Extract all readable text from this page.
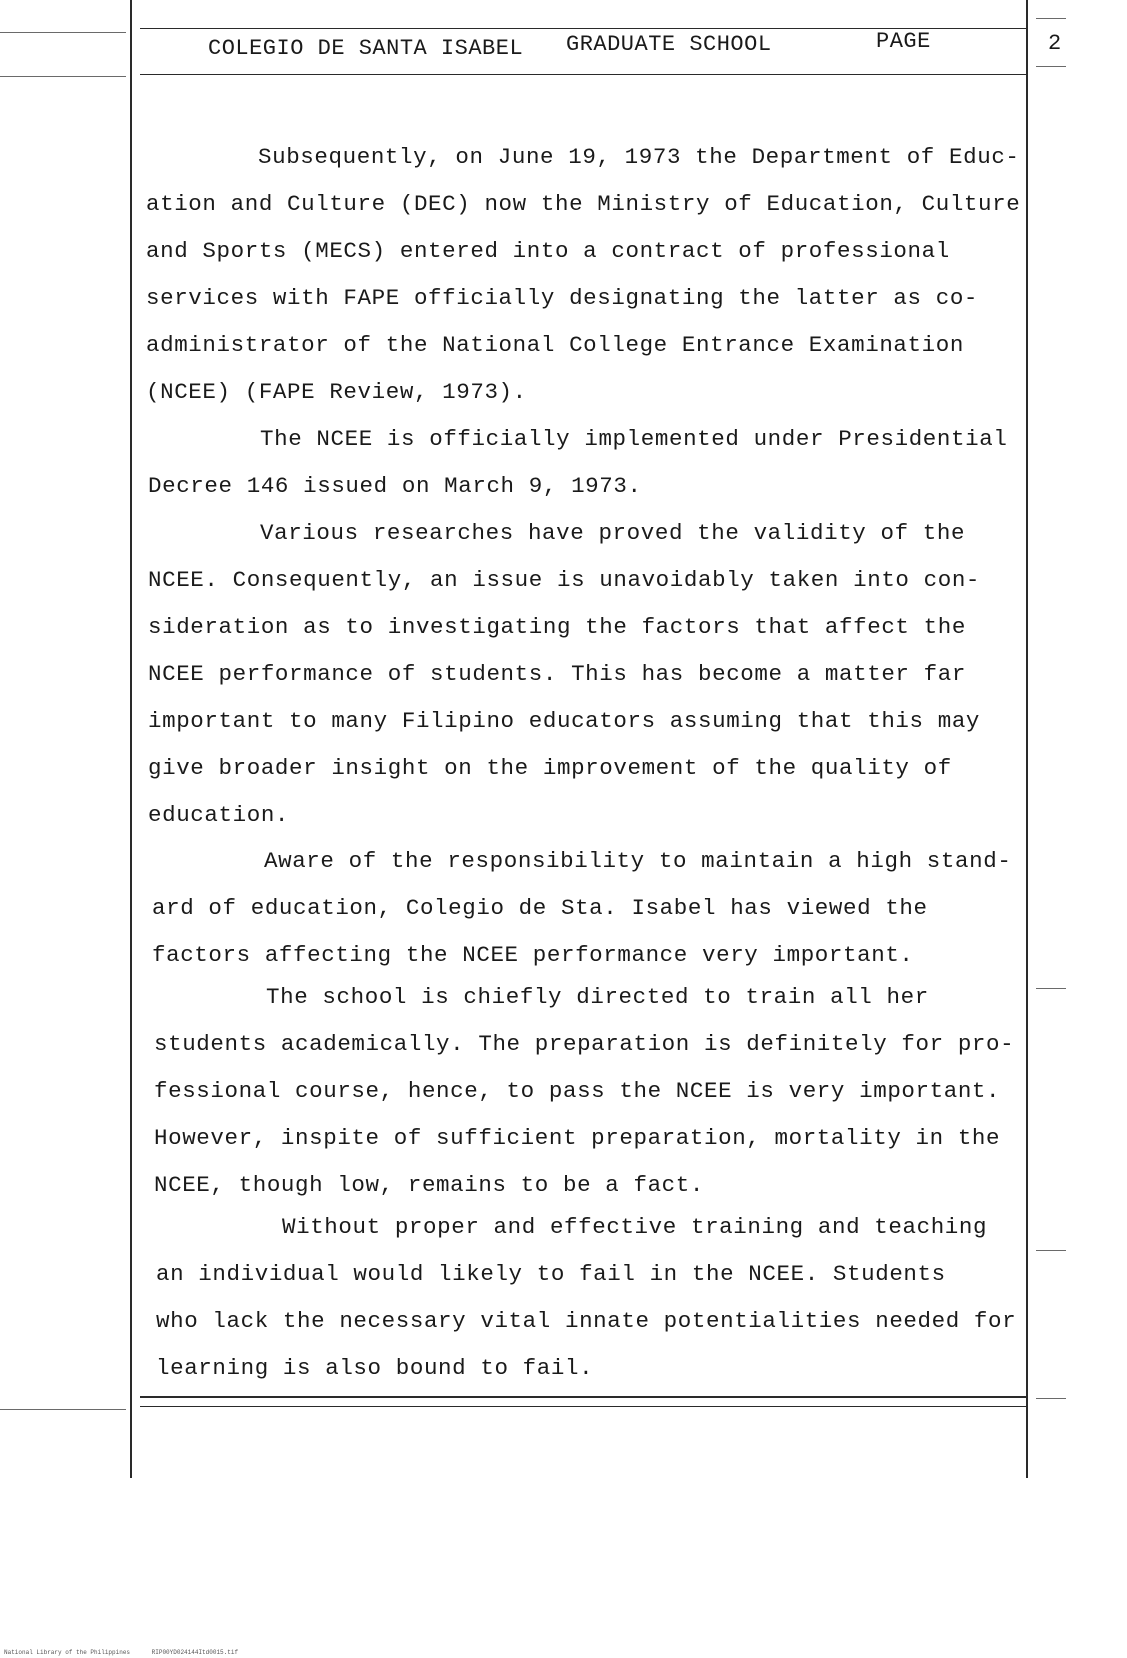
COLEGIO DE SANTA ISABEL GRADUATE SCHOOL	PAGE	2
Subsequently, on June 19, 1973 the Department of Educ-
ation and Culture (DEC) now the Ministry of Education, Culture
and Sports (MECS) entered into a contract of professional
services with FAPE officially designating the latter as co-
administrator of the National College Entrance Examination
(NCEE) (FAPE Review, 1973).
The NCEE is officially implemented under Presidential
Decree 146 issued on March 9, 1973.
Various researches have proved the validity of the
NCEE. Consequently, an issue is unavoidably taken into con-
sideration as to investigating the factors that affect the
NCEE performance of students. This has become a matter far
important to many Filipino educators assuming that this may
give broader insight on the improvement of the quality of
education.
Aware of the responsibility to maintain a high stand-
ard of education, Colegio de Sta. Isabel has viewed the
factors affecting the NCEE performance very important.
The school is chiefly directed to train all her
students academically. The preparation is definitely for pro-
fessional course, hence, to pass the NCEE is very important.
However, inspite of sufficient preparation, mortality in the
NCEE, though low, remains to be a fact.
Without proper and effective training and teaching
an individual would likely to fail in the NCEE. Students
who lack the necessary vital innate potentialities needed for
learning is also bound to fail.
National Library of the Philippines	RIP00YD024144Itd0015.tif
